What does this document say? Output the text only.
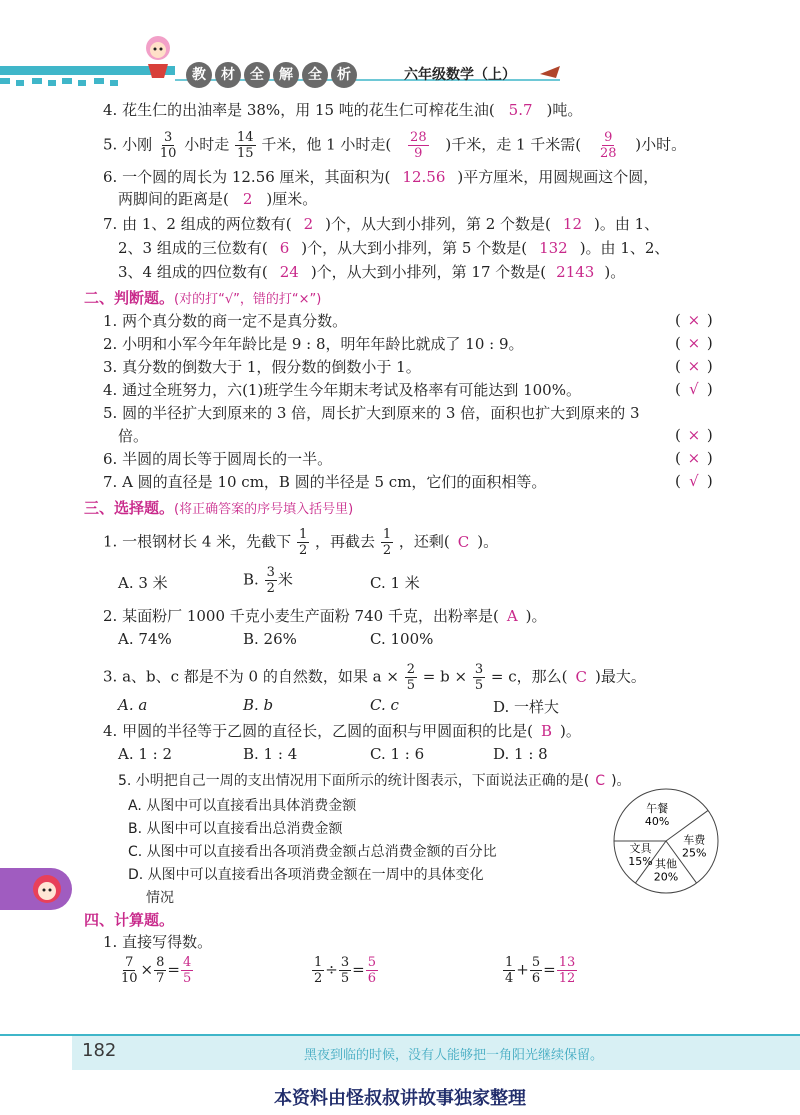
教	材	全	解	全	析	六年级数学（上）
4. 花生仁的出油率是 38%，用 15 吨的花生仁可榨花生油( 5.7 )吨。
5. 小刚 $\frac{3}{10}$ 小时走 $\frac{14}{15}$ 千米，他 1 小时走( $\frac{28}{9}$ )千米，走 1 千米需( $\frac{9}{28}$ )小时。
6. 一个圆的周长为 12.56 厘米，其面积为( 12.56 )平方厘米，用圆规画这个圆，
两脚间的距离是( 2 )厘米。
7. 由 1、2 组成的两位数有( 2 )个，从大到小排列，第 2 个数是( 12 )。由 1、
2、3 组成的三位数有( 6 )个，从大到小排列，第 5 个数是( 132 )。由 1、2、
3、4 组成的四位数有( 24 )个，从大到小排列，第 17 个数是( 2143 )。
二、判断题。(对的打“√”，错的打“×”)
1. 两个真分数的商一定不是真分数。	( × )
2. 小明和小军今年年龄比是 9 : 8，明年年龄比就成了 10 : 9。	( × )
3. 真分数的倒数大于 1，假分数的倒数小于 1。	( × )
4. 通过全班努力，六(1)班学生今年期末考试及格率有可能达到 100%。	( √ )
5. 圆的半径扩大到原来的 3 倍，周长扩大到原来的 3 倍，面积也扩大到原来的 3
倍。	( × )
6. 半圆的周长等于圆周长的一半。	( × )
7. A 圆的直径是 10 cm，B 圆的半径是 5 cm，它们的面积相等。	( √ )
三、选择题。(将正确答案的序号填入括号里)
1. 一根钢材长 4 米，先截下 $\frac{1}{2}$ ，再截去 $\frac{1}{2}$ ，还剩( C )。
A. 3 米	B. $\frac{3}{2}$ 米	C. 1 米
2. 某面粉厂 1000 千克小麦生产面粉 740 千克，出粉率是( A )。
A. 74%	B. 26%	C. 100%
3. a、b、c 都是不为 0 的自然数，如果 $a \times \frac{2}{5} = b \times \frac{3}{5} = c$，那么( C )最大。
A. a	B. b	C. c	D. 一样大
4. 甲圆的半径等于乙圆的直径长，乙圆的面积与甲圆面积的比是( B )。
A. 1 : 2	B. 1 : 4	C. 1 : 6	D. 1 : 8
5. 小明把自己一周的支出情况用下面所示的统计图表示，下面说法正确的是( C )。
A. 从图中可以直接看出具体消费金额
B. 从图中可以直接看出总消费金额
C. 从图中可以直接看出各项消费金额占总消费金额的百分比
D. 从图中可以直接看出各项消费金额在一周中的具体变化
情况
午餐
40%
车费
25%
其他
20%
文具
15%
四、计算题。
1. 直接写得数。
$\frac{7}{10} \times \frac{8}{7} = \frac{4}{5}$	$\frac{1}{2} \div \frac{3}{5} = \frac{5}{6}$	$\frac{1}{4} + \frac{5}{6} = \frac{13}{12}$
182	黑夜到临的时候，没有人能够把一角阳光继续保留。
本资料由怪叔叔讲故事独家整理
